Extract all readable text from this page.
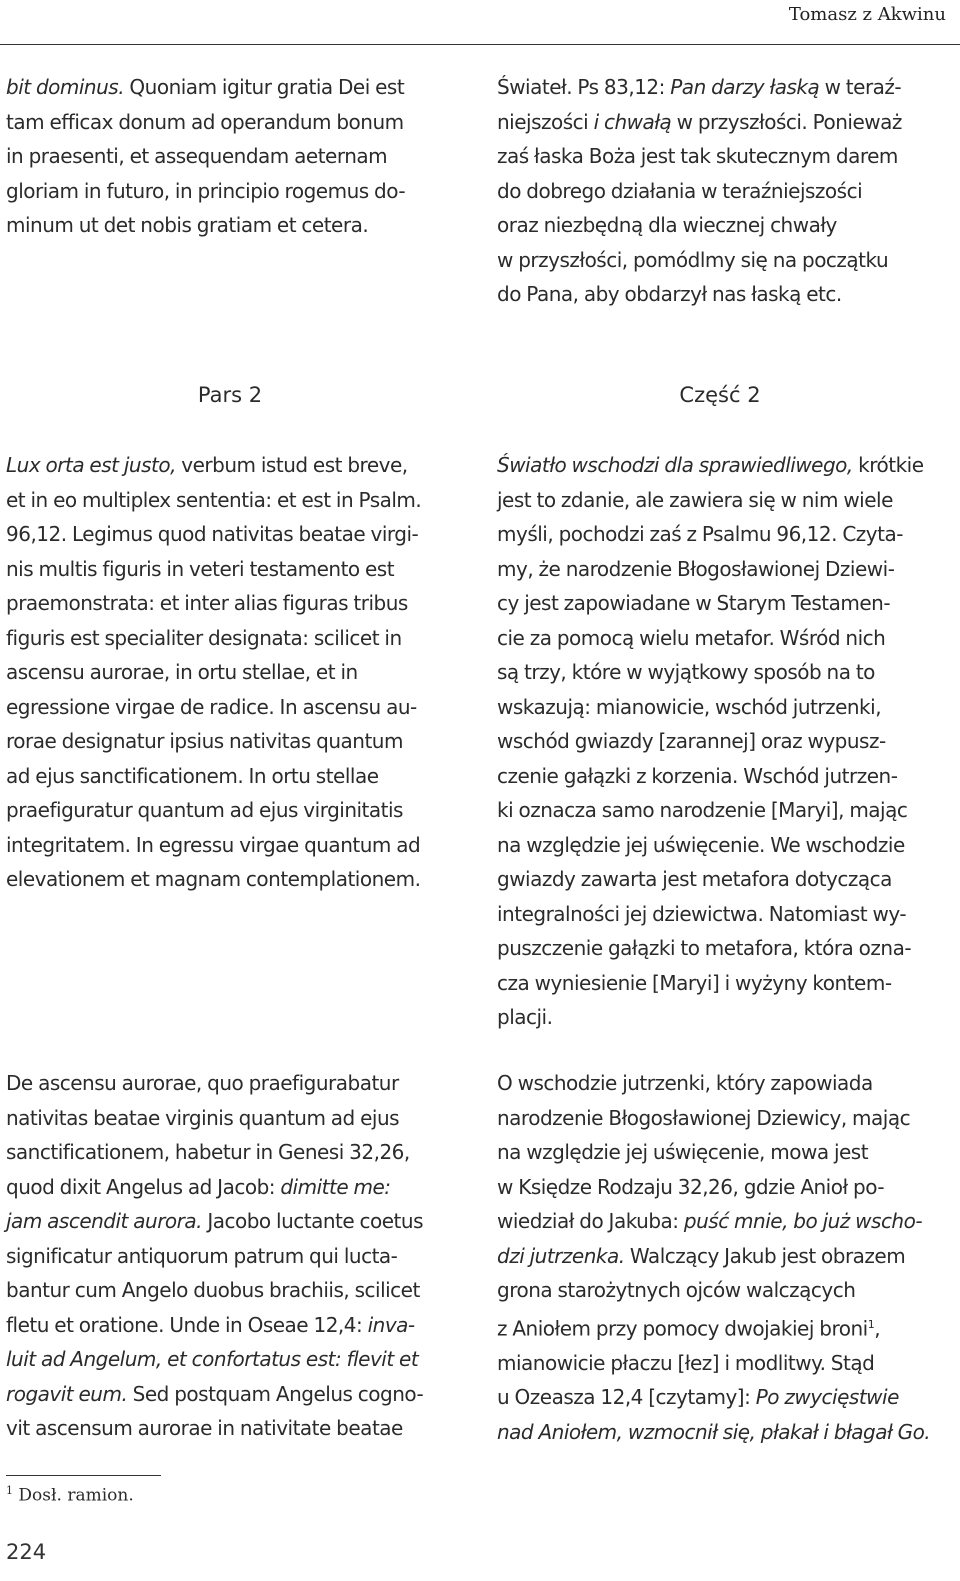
Tomasz z Akwinu
bit dominus. Quoniam igitur gratia Dei est
tam efficax donum ad operandum bonum
in praesenti, et assequendam aeternam
gloriam in futuro, in principio rogemus do-
minum ut det nobis gratiam et cetera.
Świateł. Ps 83,12: Pan darzy łaską w teraź-
niejszości i chwałą w przyszłości. Ponieważ
zaś łaska Boża jest tak skutecznym darem
do dobrego działania w teraźniejszości
oraz niezbędną dla wiecznej chwały
w przyszłości, pomódlmy się na początku
do Pana, aby obdarzył nas łaską etc.
Pars 2	Część 2
Lux orta est justo, verbum istud est breve,
et in eo multiplex sententia: et est in Psalm.
96,12. Legimus quod nativitas beatae virgi-
nis multis figuris in veteri testamento est
praemonstrata: et inter alias figuras tribus
figuris est specialiter designata: scilicet in
ascensu aurorae, in ortu stellae, et in
egressione virgae de radice. In ascensu au-
rorae designatur ipsius nativitas quantum
ad ejus sanctificationem. In ortu stellae
praefiguratur quantum ad ejus virginitatis
integritatem. In egressu virgae quantum ad
elevationem et magnam contemplationem.
Światło wschodzi dla sprawiedliwego, krótkie
jest to zdanie, ale zawiera się w nim wiele
myśli, pochodzi zaś z Psalmu 96,12. Czyta-
my, że narodzenie Błogosławionej Dziewi-
cy jest zapowiadane w Starym Testamen-
cie za pomocą wielu metafor. Wśród nich
są trzy, które w wyjątkowy sposób na to
wskazują: mianowicie, wschód jutrzenki,
wschód gwiazdy [zarannej] oraz wypusz-
czenie gałązki z korzenia. Wschód jutrzen-
ki oznacza samo narodzenie [Maryi], mając
na względzie jej uświęcenie. We wschodzie
gwiazdy zawarta jest metafora dotycząca
integralności jej dziewictwa. Natomiast wy-
puszczenie gałązki to metafora, która ozna-
cza wyniesienie [Maryi] i wyżyny kontem-
placji.
De ascensu aurorae, quo praefigurabatur
nativitas beatae virginis quantum ad ejus
sanctificationem, habetur in Genesi 32,26,
quod dixit Angelus ad Jacob: dimitte me:
jam ascendit aurora. Jacobo luctante coetus
significatur antiquorum patrum qui lucta-
bantur cum Angelo duobus brachiis, scilicet
fletu et oratione. Unde in Oseae 12,4: inva-
luit ad Angelum, et confortatus est: flevit et
rogavit eum. Sed postquam Angelus cogno-
vit ascensum aurorae in nativitate beatae
O wschodzie jutrzenki, który zapowiada
narodzenie Błogosławionej Dziewicy, mając
na względzie jej uświęcenie, mowa jest
w Księdze Rodzaju 32,26, gdzie Anioł po-
wiedział do Jakuba: puść mnie, bo już wscho-
dzi jutrzenka. Walczący Jakub jest obrazem
grona starożytnych ojców walczących
z Aniołem przy pomocy dwojakiej broni$^1$,
mianowicie płaczu [łez] i modlitwy. Stąd
u Ozeasza 12,4 [czytamy]: Po zwycięstwie
nad Aniołem, wzmocnił się, płakał i błagał Go.
$^1$ Dosł. ramion.
224
